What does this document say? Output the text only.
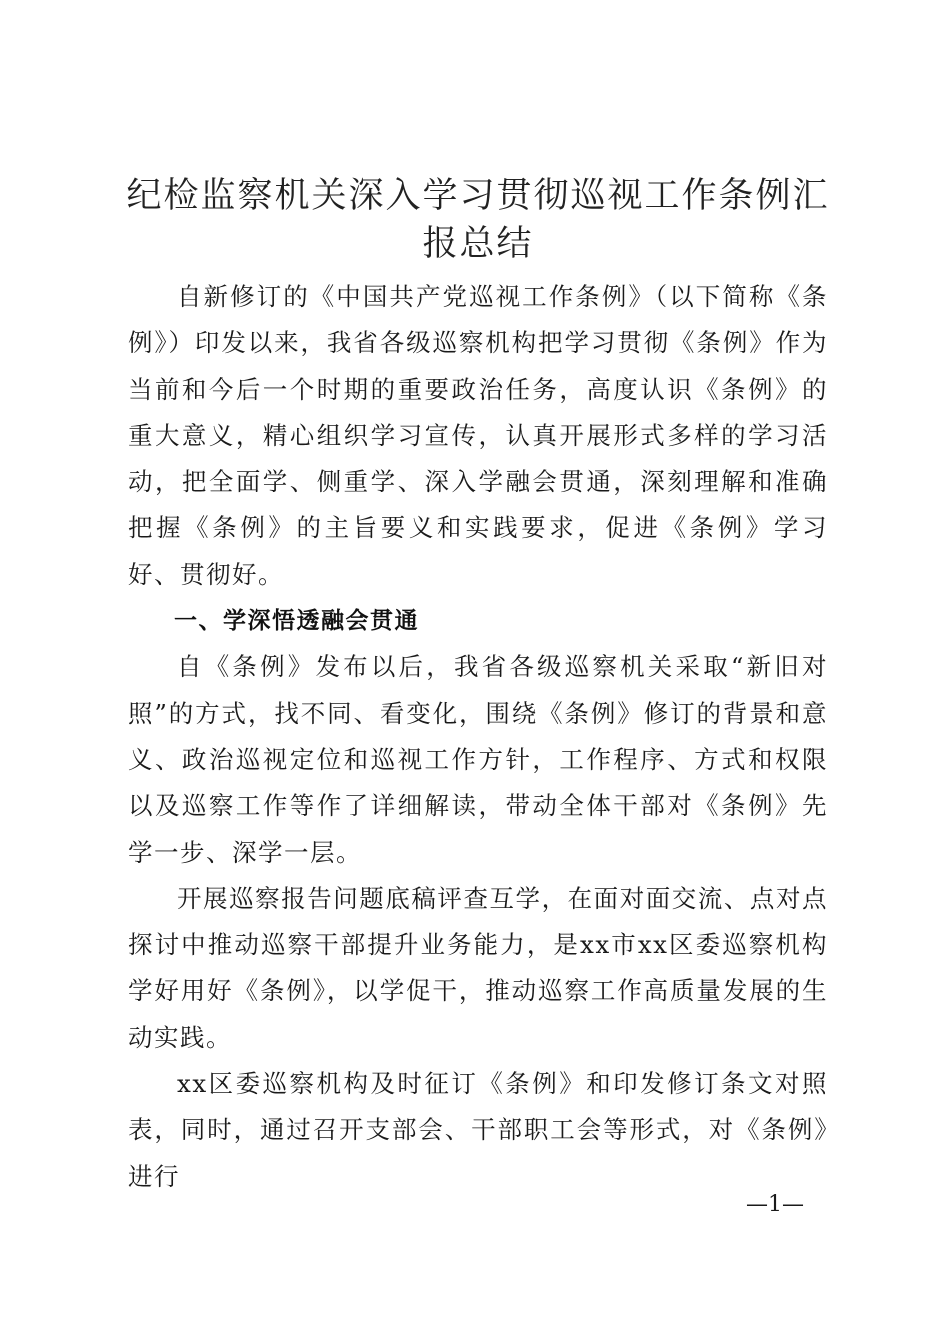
纪检监察机关深入学习贯彻巡视工作条例汇报总结

自新修订的《中国共产党巡视工作条例》（以下简称《条例》）印发以来，我省各级巡察机构把学习贯彻《条例》作为当前和今后一个时期的重要政治任务，高度认识《条例》的重大意义，精心组织学习宣传，认真开展形式多样的学习活动，把全面学、侧重学、深入学融会贯通，深刻理解和准确把握《条例》的主旨要义和实践要求，促进《条例》学习好、贯彻好。

一、学深悟透融会贯通

自《条例》发布以后，我省各级巡察机关采取“新旧对照”的方式，找不同、看变化，围绕《条例》修订的背景和意义、政治巡视定位和巡视工作方针，工作程序、方式和权限以及巡察工作等作了详细解读，带动全体干部对《条例》先学一步、深学一层。

开展巡察报告问题底稿评查互学，在面对面交流、点对点探讨中推动巡察干部提升业务能力，是xx市xx区委巡察机构学好用好《条例》，以学促干，推动巡察工作高质量发展的生动实践。

xx区委巡察机构及时征订《条例》和印发修订条文对照表，同时，通过召开支部会、干部职工会等形式，对《条例》进行

—1—
